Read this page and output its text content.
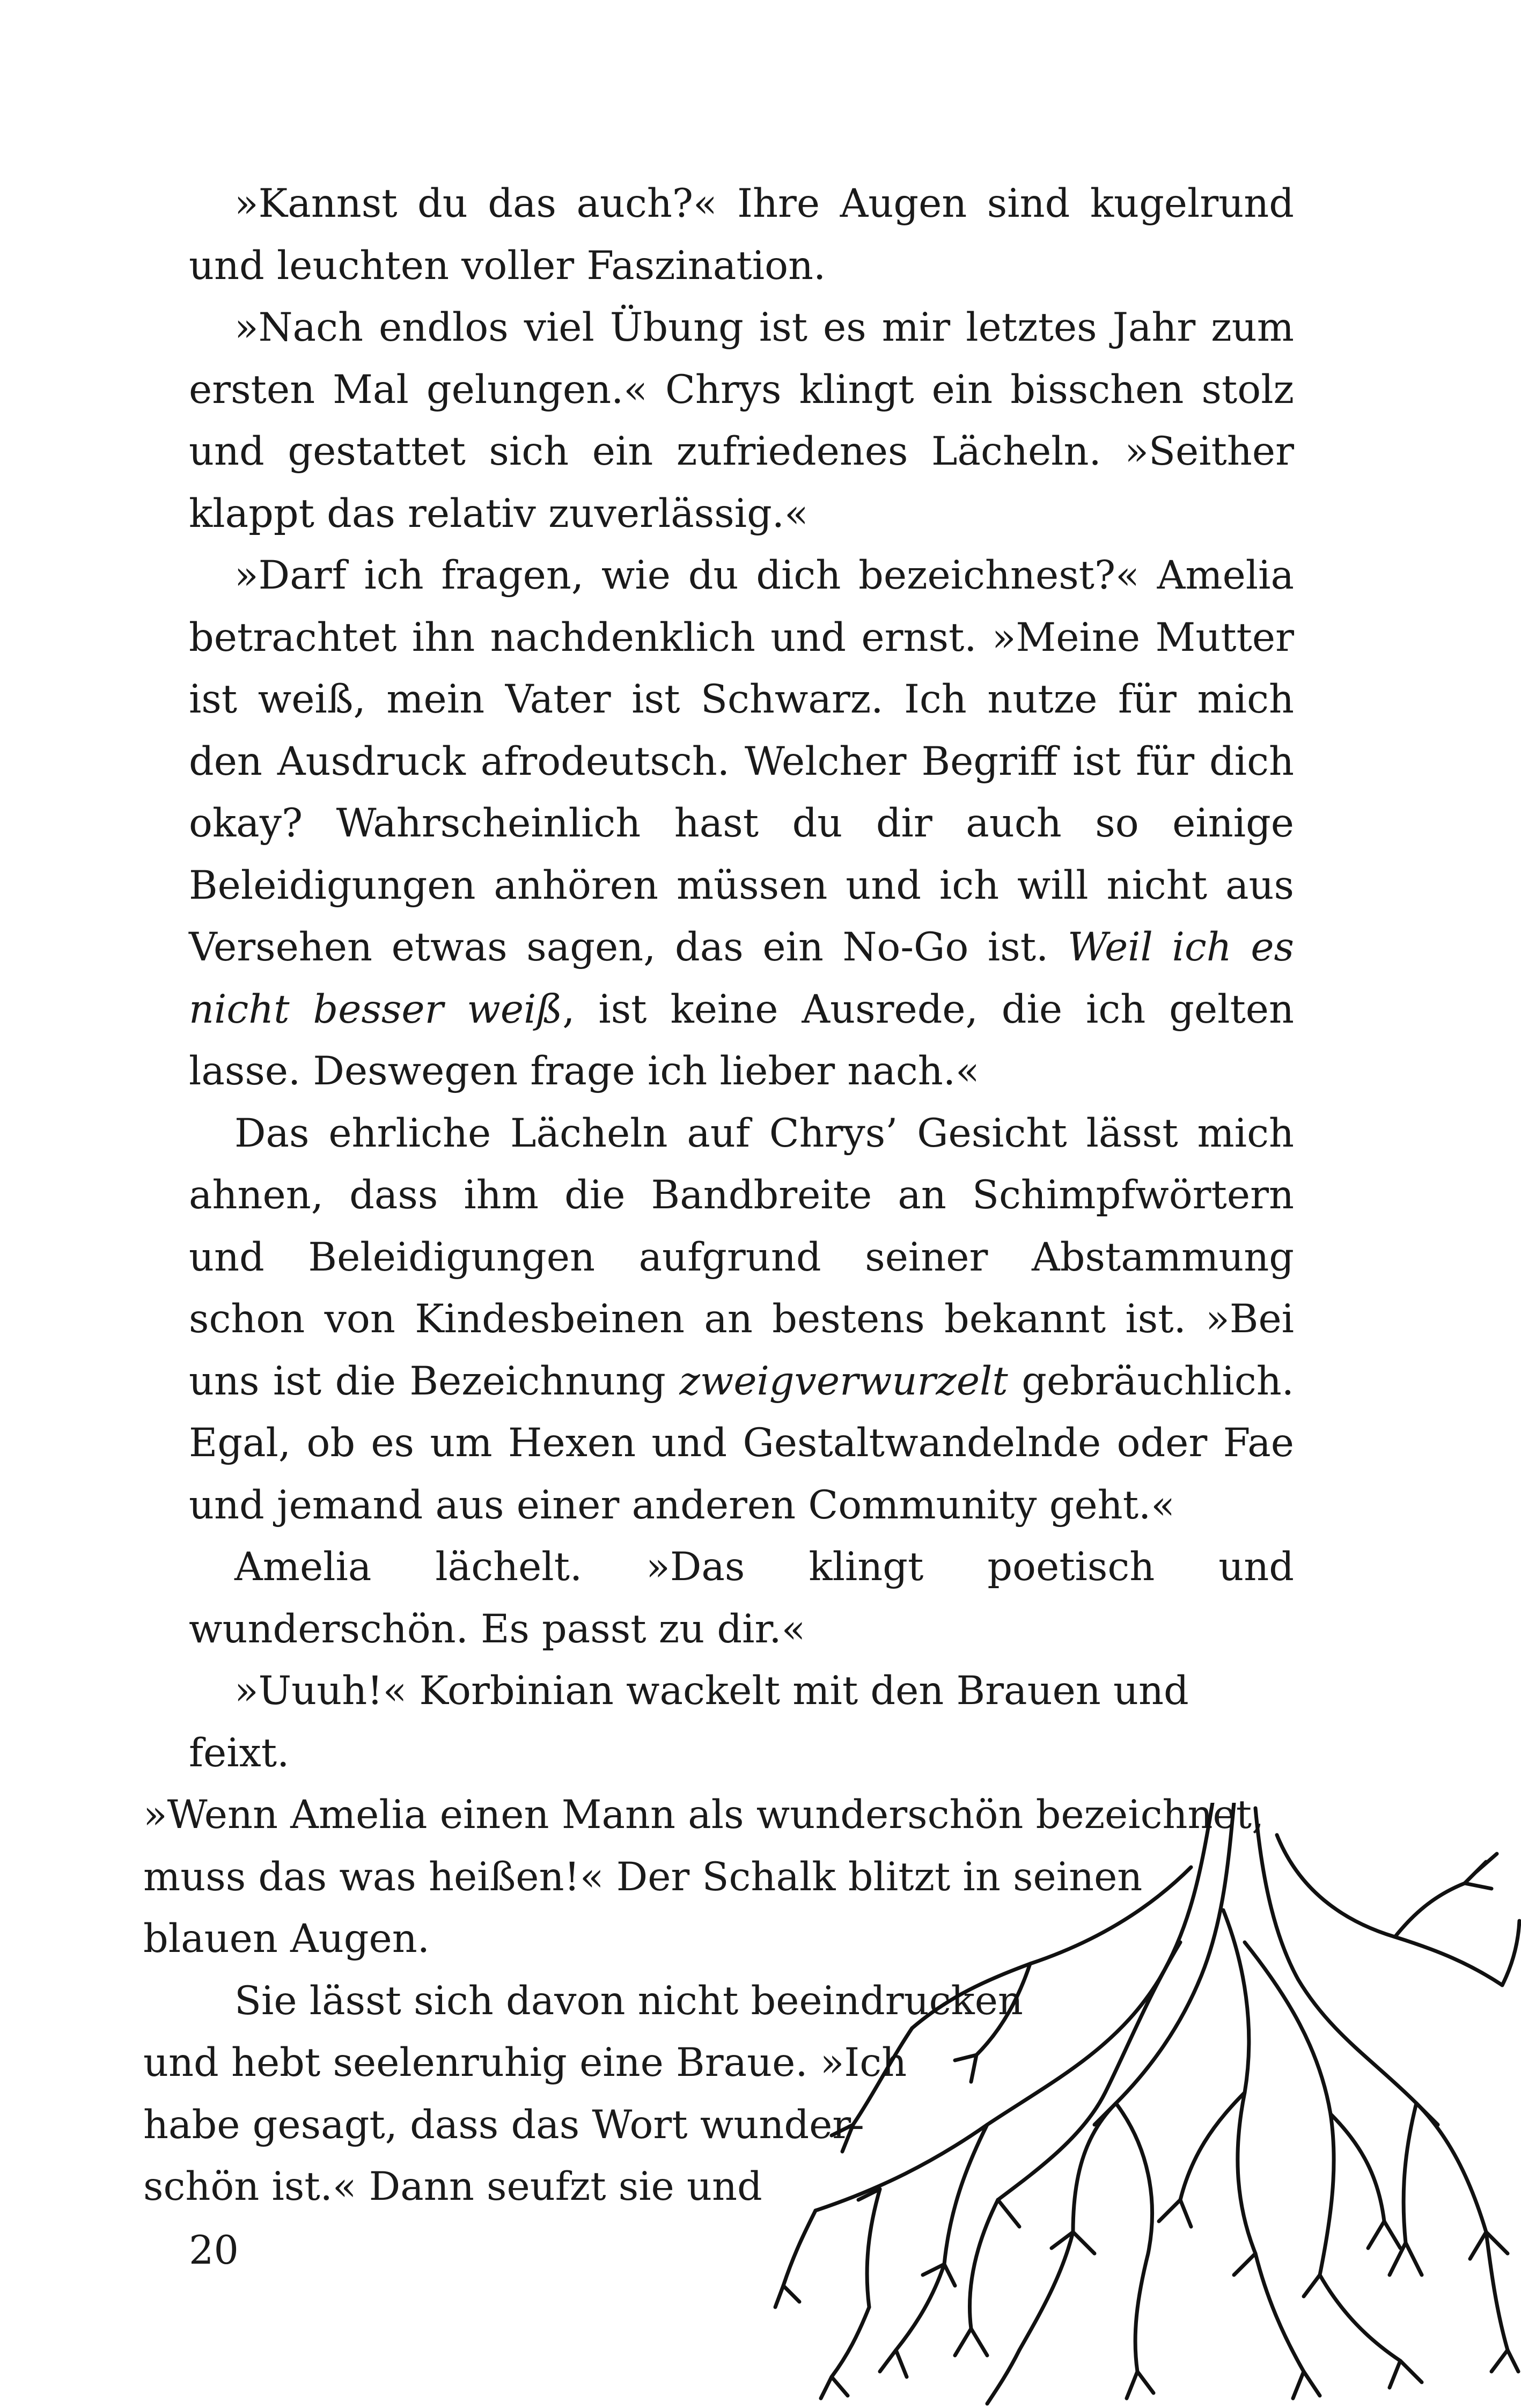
»Kannst du das auch?« Ihre Augen sind kugelrund und leuchten voller Faszination.

»Nach endlos viel Übung ist es mir letztes Jahr zum ersten Mal gelungen.« Chrys klingt ein bisschen stolz und gestattet sich ein zufriedenes Lächeln. »Seither klappt das relativ zuverlässig.«

»Darf ich fragen, wie du dich bezeichnest?« Amelia betrachtet ihn nachdenklich und ernst. »Meine Mutter ist weiß, mein Vater ist Schwarz. Ich nutze für mich den Ausdruck afrodeutsch. Welcher Begriff ist für dich okay? Wahrscheinlich hast du dir auch so einige Beleidigungen anhören müssen und ich will nicht aus Versehen etwas sagen, das ein No-Go ist. Weil ich es nicht besser weiß, ist keine Ausrede, die ich gelten lasse. Deswegen frage ich lieber nach.«

Das ehrliche Lächeln auf Chrys’ Gesicht lässt mich ahnen, dass ihm die Bandbreite an Schimpfwörtern und Beleidigungen aufgrund seiner Abstammung schon von Kindesbeinen an bestens bekannt ist. »Bei uns ist die Bezeichnung zweigverwurzelt gebräuchlich. Egal, ob es um Hexen und Gestaltwandelnde oder Fae und jemand aus einer anderen Community geht.«

Amelia lächelt. »Das klingt poetisch und wunderschön. Es passt zu dir.«

»Uuuh!« Korbinian wackelt mit den Brauen und feixt.
»Wenn Amelia einen Mann als wunderschön bezeichnet,
muss das was heißen!« Der Schalk blitzt in seinen
blauen Augen.

Sie lässt sich davon nicht beeindrucken
und hebt seelenruhig eine Braue. »Ich
habe gesagt, dass das Wort wunder-
schön ist.« Dann seufzt sie und

20
